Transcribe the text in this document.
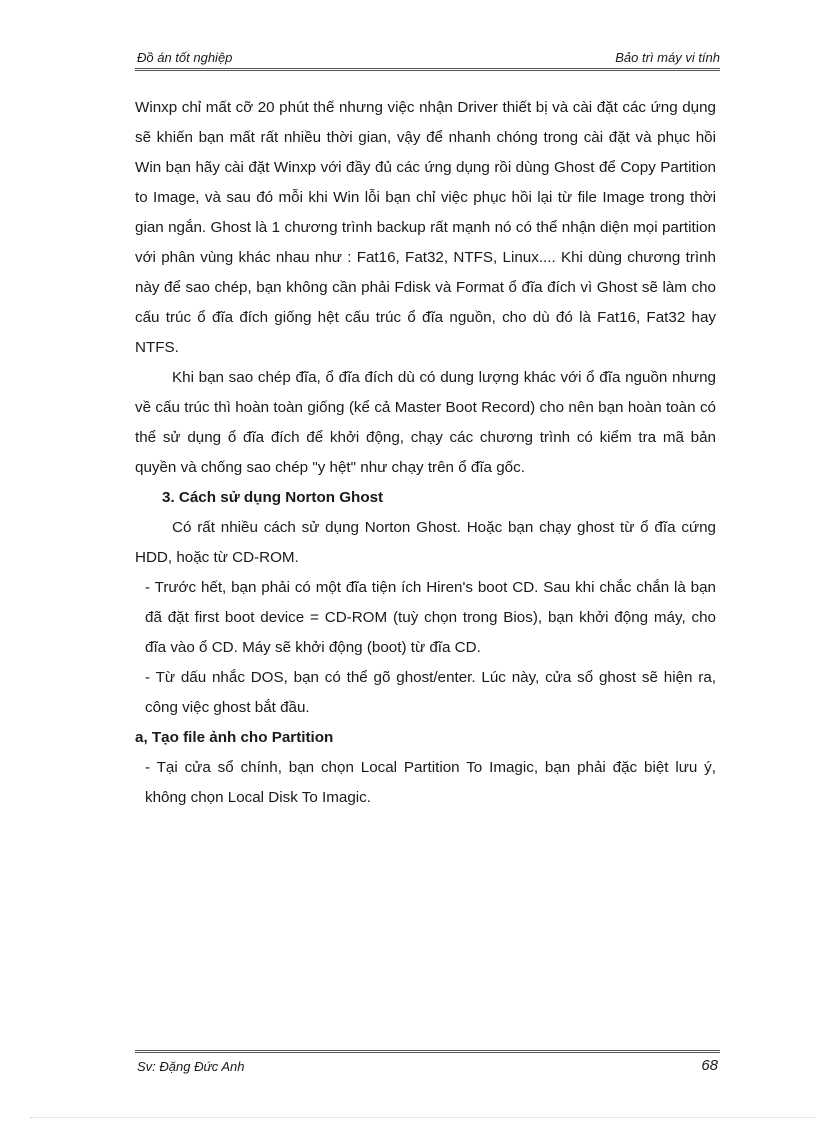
Đồ án tốt nghiệp	Bảo trì máy vi tính

Winxp chỉ mất cỡ 20 phút thế nhưng việc nhận Driver thiết bị và cài đặt các ứng dụng sẽ khiến bạn mất rất nhiều thời gian, vậy để nhanh chóng trong cài đặt và phục hồi Win bạn hãy cài đặt Winxp với đầy đủ các ứng dụng rồi dùng Ghost để Copy Partition to Image, và sau đó mỗi khi Win lỗi bạn chỉ việc phục hồi lại từ file Image trong thời gian ngắn. Ghost là 1 chương trình backup rất mạnh nó có thể nhận diện mọi partition với phân vùng khác nhau như : Fat16, Fat32, NTFS, Linux.... Khi dùng chương trình này để sao chép, bạn không cần phải Fdisk và Format ổ đĩa đích vì Ghost sẽ làm cho cấu trúc ổ đĩa đích giống hệt cấu trúc ổ đĩa nguồn, cho dù đó là Fat16, Fat32 hay NTFS.

Khi bạn sao chép đĩa, ổ đĩa đích dù có dung lượng khác với ổ đĩa nguồn nhưng về cấu trúc thì hoàn toàn giống (kể cả Master Boot Record) cho nên bạn hoàn toàn có thể sử dụng ổ đĩa đích để khởi động, chạy các chương trình có kiểm tra mã bản quyền và chống sao chép "y hệt" như chạy trên ổ đĩa gốc.

3. Cách sử dụng Norton Ghost

Có rất nhiều cách sử dụng Norton Ghost. Hoặc bạn chạy ghost từ ổ đĩa cứng HDD, hoặc từ CD-ROM.

- Trước hết, bạn phải có một đĩa tiện ích Hiren's boot CD. Sau khi chắc chắn là bạn đã đặt first boot device = CD-ROM (tuỳ chọn trong Bios), bạn khởi động máy, cho đĩa vào ổ CD. Máy sẽ khởi động (boot) từ đĩa CD.

- Từ dấu nhắc DOS, bạn có thể gõ ghost/enter. Lúc này, cửa sổ ghost sẽ hiện ra, công việc ghost bắt đầu.

a, Tạo file ảnh cho Partition

- Tại cửa sổ chính, bạn chọn Local Partition To Imagic, bạn phải đặc biệt lưu ý, không chọn Local Disk To Imagic.

Sv: Đặng Đức Anh	68
